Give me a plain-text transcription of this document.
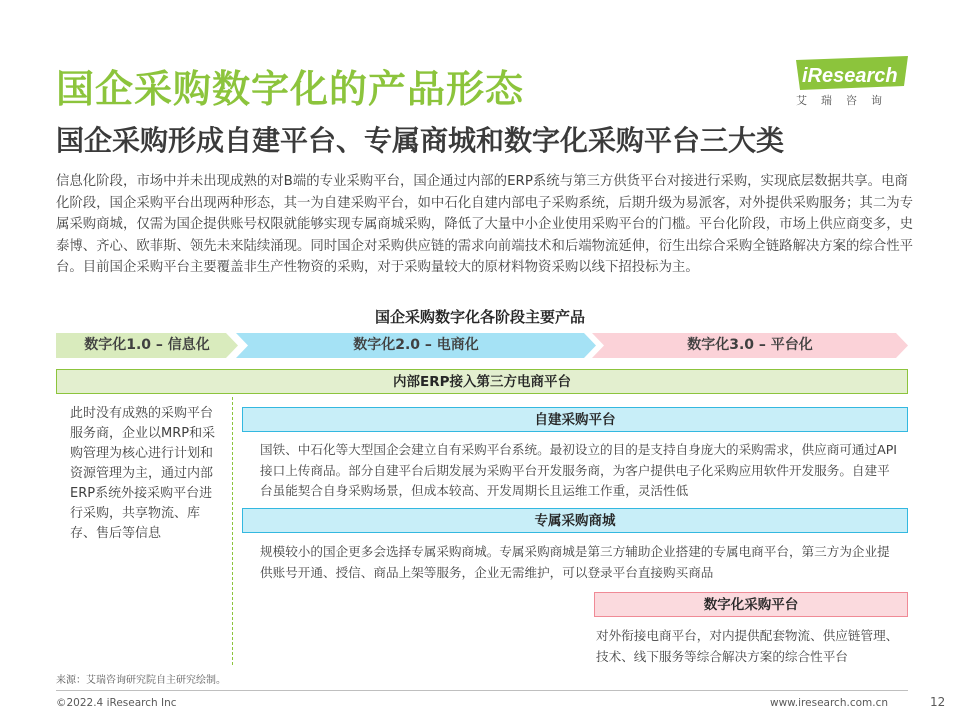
国企采购数字化的产品形态
国企采购形成自建平台、专属商城和数字化采购平台三大类
iResearch
艾瑞咨询
信息化阶段，市场中并未出现成熟的对B端的专业采购平台，国企通过内部的ERP系统与第三方供货平台对接进行采购，实现底层数据共享。电商化阶段，国企采购平台出现两种形态，其一为自建采购平台，如中石化自建内部电子采购系统，后期升级为易派客，对外提供采购服务；其二为专属采购商城，仅需为国企提供账号权限就能够实现专属商城采购，降低了大量中小企业使用采购平台的门槛。平台化阶段，市场上供应商变多，史泰博、齐心、欧菲斯、领先未来陆续涌现。同时国企对采购供应链的需求向前端技术和后端物流延伸，衍生出综合采购全链路解决方案的综合性平台。目前国企采购平台主要覆盖非生产性物资的采购，对于采购量较大的原材料物资采购以线下招投标为主。
国企采购数字化各阶段主要产品
数字化1.0 – 信息化	数字化2.0 – 电商化	数字化3.0 – 平台化
内部ERP接入第三方电商平台
此时没有成熟的采购平台服务商，企业以MRP和采购管理为核心进行计划和资源管理为主，通过内部ERP系统外接采购平台进行采购，共享物流、库存、售后等信息
自建采购平台
国铁、中石化等大型国企会建立自有采购平台系统。最初设立的目的是支持自身庞大的采购需求，供应商可通过API接口上传商品。部分自建平台后期发展为采购平台开发服务商，为客户提供电子化采购应用软件开发服务。自建平台虽能契合自身采购场景，但成本较高、开发周期长且运维工作重，灵活性低
专属采购商城
规模较小的国企更多会选择专属采购商城。专属采购商城是第三方辅助企业搭建的专属电商平台，第三方为企业提供账号开通、授信、商品上架等服务，企业无需维护，可以登录平台直接购买商品
数字化采购平台
对外衔接电商平台，对内提供配套物流、供应链管理、技术、线下服务等综合解决方案的综合性平台
来源：艾瑞咨询研究院自主研究绘制。
©2022.4 iResearch Inc	www.iresearch.com.cn	12
